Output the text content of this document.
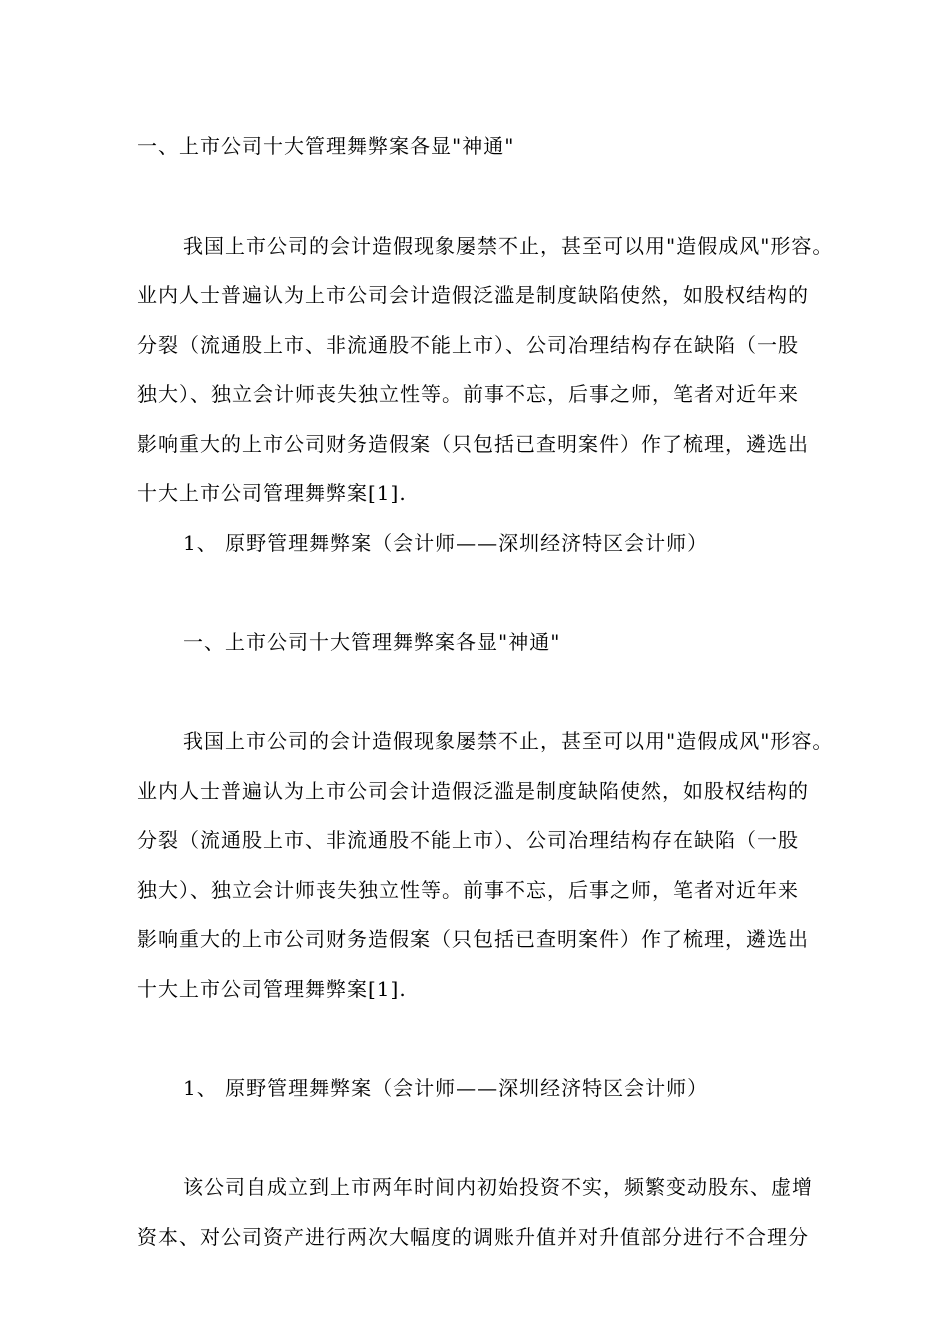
一、上市公司十大管理舞弊案各显"神通"
我国上市公司的会计造假现象屡禁不止，甚至可以用"造假成风"形容。
业内人士普遍认为上市公司会计造假泛滥是制度缺陷使然，如股权结构的
分裂（流通股上市、非流通股不能上市）、公司冶理结构存在缺陷（一股
独大）、独立会计师丧失独立性等。前事不忘，后事之师，笔者对近年来
影响重大的上市公司财务造假案（只包括已查明案件）作了梳理，遴选出
十大上市公司管理舞弊案[1].
1、 原野管理舞弊案（会计师——深圳经济特区会计师）
一、上市公司十大管理舞弊案各显"神通"
我国上市公司的会计造假现象屡禁不止，甚至可以用"造假成风"形容。
业内人士普遍认为上市公司会计造假泛滥是制度缺陷使然，如股权结构的
分裂（流通股上市、非流通股不能上市）、公司冶理结构存在缺陷（一股
独大）、独立会计师丧失独立性等。前事不忘，后事之师，笔者对近年来
影响重大的上市公司财务造假案（只包括已查明案件）作了梳理，遴选出
十大上市公司管理舞弊案[1].
1、 原野管理舞弊案（会计师——深圳经济特区会计师）
该公司自成立到上市两年时间内初始投资不实，频繁变动股东、虚增
资本、对公司资产进行两次大幅度的调账升值并对升值部分进行不合理分
